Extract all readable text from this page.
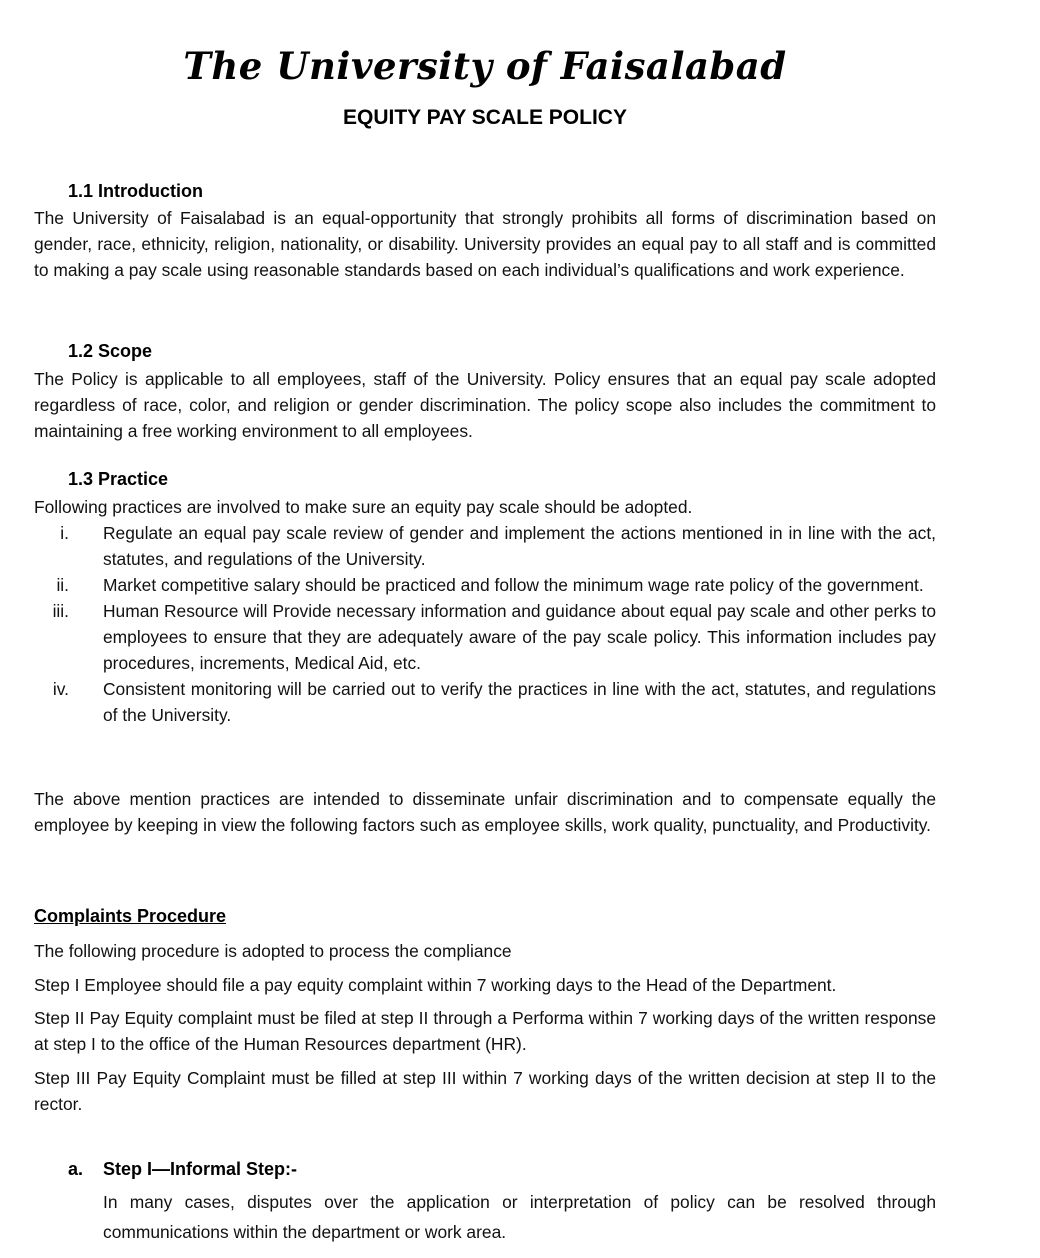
The University of Faisalabad
EQUITY PAY SCALE POLICY
1.1 Introduction
The University of Faisalabad is an equal-opportunity that strongly prohibits all forms of discrimination based on gender, race, ethnicity, religion, nationality, or disability. University provides an equal pay to all staff and is committed to making a pay scale using reasonable standards based on each individual’s qualifications and work experience.
1.2 Scope
The Policy is applicable to all employees, staff of the University. Policy ensures that an equal pay scale adopted regardless of race, color, and religion or gender discrimination. The policy scope also includes the commitment to maintaining a free working environment to all employees.
1.3 Practice
Following practices are involved to make sure an equity pay scale should be adopted.
i.	Regulate an equal pay scale review of gender and implement the actions mentioned in in line with the act, statutes, and regulations of the University.
ii.	Market competitive salary should be practiced and follow the minimum wage rate policy of the government.
iii.	Human Resource will Provide necessary information and guidance about equal pay scale and other perks to employees to ensure that they are adequately aware of the pay scale policy. This information includes pay procedures, increments, Medical Aid, etc.
iv.	Consistent monitoring will be carried out to verify the practices in line with the act, statutes, and regulations of the University.
The above mention practices are intended to disseminate unfair discrimination and to compensate equally the employee by keeping in view the following factors such as employee skills, work quality, punctuality, and Productivity.
Complaints Procedure
The following procedure is adopted to process the compliance
Step I Employee should file a pay equity complaint within 7 working days to the Head of the Department.
Step II Pay Equity complaint must be filed at step II through a Performa within 7 working days of the written response at step I to the office of the Human Resources department (HR).
Step III Pay Equity Complaint must be filled at step III within 7 working days of the written decision at step II to the rector.
a. Step I—Informal Step:-
In many cases, disputes over the application or interpretation of policy can be resolved through communications within the department or work area.
